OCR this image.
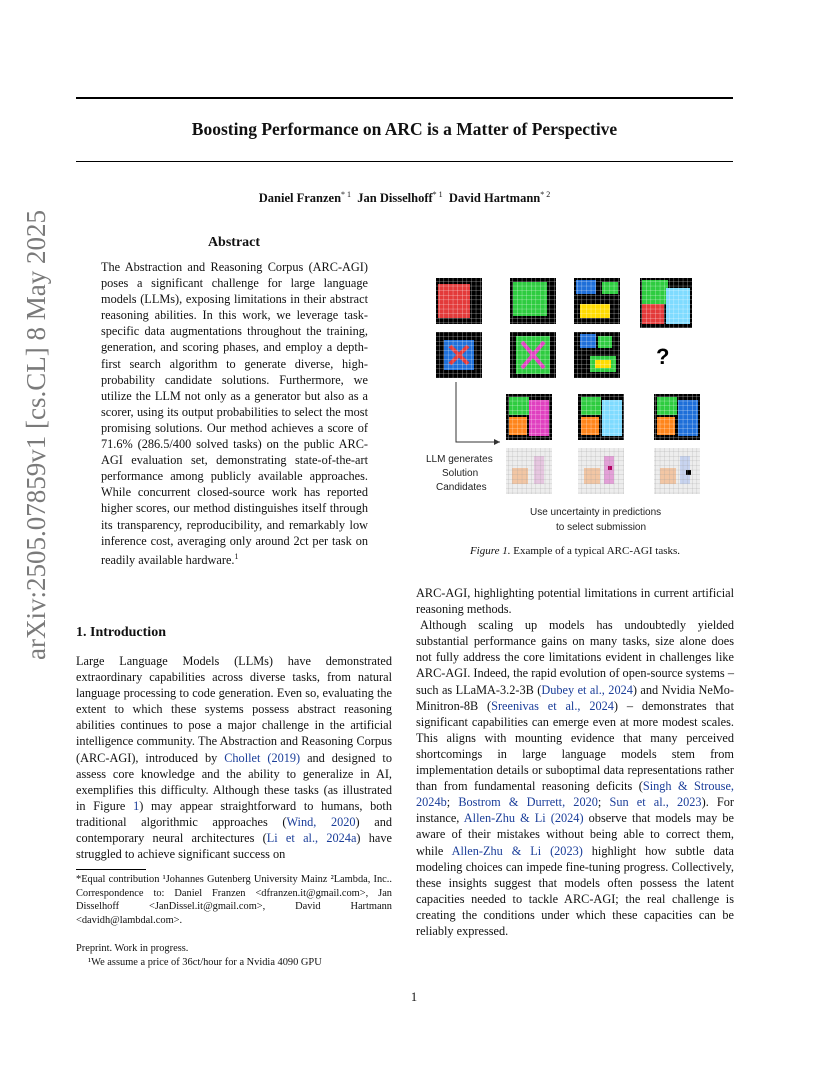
Boosting Performance on ARC is a Matter of Perspective
Daniel Franzen$^{* 1}$ Jan Disselhoff$^{* 1}$ David Hartmann$^{* 2}$
arXiv:2505.07859v1 [cs.CL] 8 May 2025	Abstract
The Abstraction and Reasoning Corpus (ARC-AGI) poses a significant challenge for large language models (LLMs), exposing limitations in their abstract reasoning abilities. In this work, we leverage task-specific data augmentations throughout the training, generation, and scoring phases, and employ a depth-first search algorithm to generate diverse, high-probability candidate solutions. Furthermore, we utilize the LLM not only as a generator but also as a scorer, using its output probabilities to select the most promising solutions. Our method achieves a score of 71.6% (286.5/400 solved tasks) on the public ARC-AGI evaluation set, demonstrating state-of-the-art performance among publicly available approaches. While concurrent closed-source work has reported higher scores, our method distinguishes itself through its transparency, reproducibility, and remarkably low inference cost, averaging only around 2ct per task on readily available hardware.$^1$
?
LLM generates
Solution
Candidates
Use uncertainty in predictions
to select submission
Figure 1. Example of a typical ARC-AGI tasks.
1. Introduction
Large Language Models (LLMs) have demonstrated extraordinary capabilities across diverse tasks, from natural language processing to code generation. Even so, evaluating the extent to which these systems possess abstract reasoning abilities continues to pose a major challenge in the artificial intelligence community. The Abstraction and Reasoning Corpus (ARC-AGI), introduced by Chollet (2019) and designed to assess core knowledge and the ability to generalize in AI, exemplifies this difficulty. Although these tasks (as illustrated in Figure 1) may appear straightforward to humans, both traditional algorithmic approaches (Wind, 2020) and contemporary neural architectures (Li et al., 2024a) have struggled to achieve significant success on

ARC-AGI, highlighting potential limitations in current artificial reasoning methods.

Although scaling up models has undoubtedly yielded substantial performance gains on many tasks, size alone does not fully address the core limitations evident in challenges like ARC-AGI. Indeed, the rapid evolution of open-source systems – such as LLaMA-3.2-3B (Dubey et al., 2024) and Nvidia NeMo-Minitron-8B (Sreenivas et al., 2024) – demonstrates that significant capabilities can emerge even at more modest scales. This aligns with mounting evidence that many perceived shortcomings in large language models stem from implementation details or suboptimal data representations rather than from fundamental reasoning deficits (Singh & Strouse, 2024b; Bostrom & Durrett, 2020; Sun et al., 2023). For instance, Allen-Zhu & Li (2024) observe that models may be aware of their mistakes without being able to correct them, while Allen-Zhu & Li (2023) highlight how subtle data modeling choices can impede fine-tuning progress. Collectively, these insights suggest that models often possess the latent capacities needed to tackle ARC-AGI; the real challenge is creating the conditions under which these capacities can be reliably expressed.

*Equal contribution ¹Johannes Gutenberg University Mainz ²Lambda, Inc.. Correspondence to: Daniel Franzen <dfranzen.it@gmail.com>, Jan Disselhoff <JanDissel.it@gmail.com>, David Hartmann <davidh@lambdal.com>.
Preprint. Work in progress.
¹We assume a price of 36ct/hour for a Nvidia 4090 GPU
1
